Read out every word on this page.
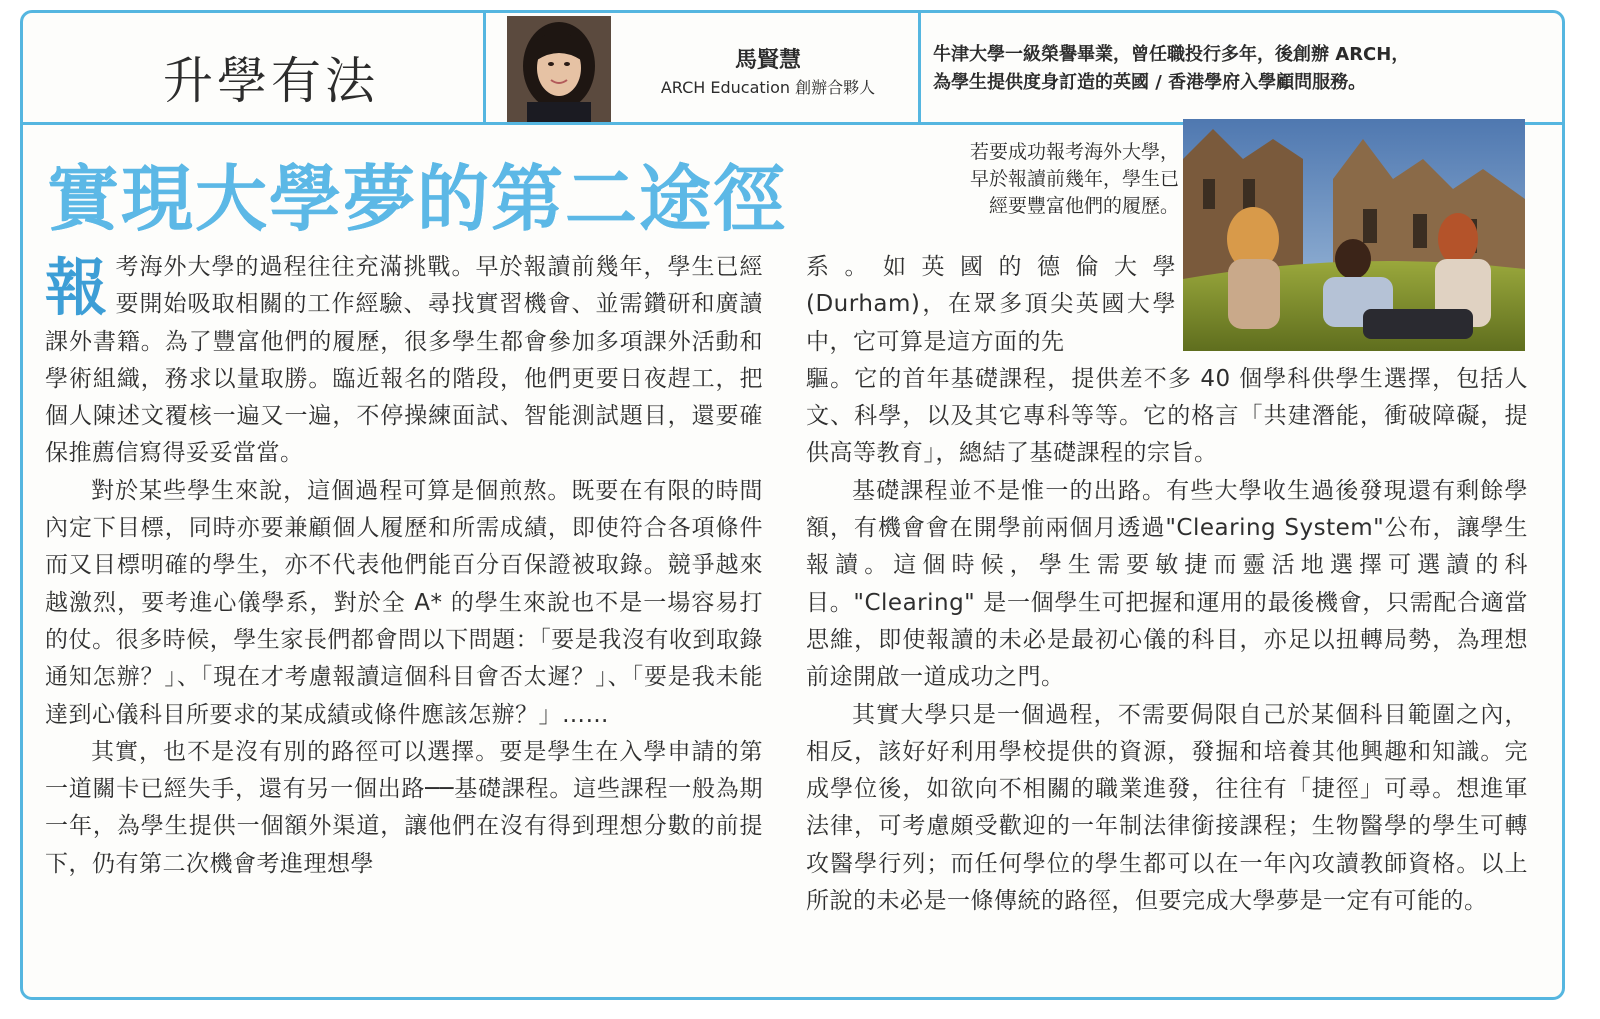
升學有法	馬賢慧
ARCH Education 創辦合夥人
牛津大學一級榮譽畢業，曾任職投行多年，後創辦 ARCH，
為學生提供度身訂造的英國 / 香港學府入學顧問服務。
實現大學夢的第二途徑
若要成功報考海外大學，
早於報讀前幾年，學生已
經要豐富他們的履歷。
報 考海外大學的過程往往充滿挑戰。早於報讀前幾年，學生已經要開始吸取相關的工作經驗、尋找實習機會、並需鑽研和廣讀課外書籍。為了豐富他們的履歷，很多學生都會參加多項課外活動和學術組織，務求以量取勝。臨近報名的階段，他們更要日夜趕工，把個人陳述文覆核一遍又一遍，不停操練面試、智能測試題目，還要確保推薦信寫得妥妥當當。

對於某些學生來說，這個過程可算是個煎熬。既要在有限的時間內定下目標，同時亦要兼顧個人履歷和所需成績，即使符合各項條件而又目標明確的學生，亦不代表他們能百分百保證被取錄。競爭越來越激烈，要考進心儀學系，對於全 A* 的學生來說也不是一場容易打的仗。很多時候，學生家長們都會問以下問題：「要是我沒有收到取錄通知怎辦？」、「現在才考慮報讀這個科目會否太遲？」、「要是我未能達到心儀科目所要求的某成績或條件應該怎辦？」……

其實，也不是沒有別的路徑可以選擇。要是學生在入學申請的第一道關卡已經失手，還有另一個出路──基礎課程。這些課程一般為期一年，為學生提供一個額外渠道，讓他們在沒有得到理想分數的前提下，仍有第二次機會考進理想學

系。如英國的德倫大學(Durham)，在眾多頂尖英國大學中，它可算是這方面的先

驅。它的首年基礎課程，提供差不多 40 個學科供學生選擇，包括人文、科學，以及其它專科等等。它的格言「共建潛能，衝破障礙，提供高等教育」，總結了基礎課程的宗旨。

基礎課程並不是惟一的出路。有些大學收生過後發現還有剩餘學額，有機會會在開學前兩個月透過"Clearing System"公布，讓學生報讀。這個時候，學生需要敏捷而靈活地選擇可選讀的科目。"Clearing" 是一個學生可把握和運用的最後機會，只需配合適當思維，即使報讀的未必是最初心儀的科目，亦足以扭轉局勢，為理想前途開啟一道成功之門。

其實大學只是一個過程，不需要侷限自己於某個科目範圍之內，相反，該好好利用學校提供的資源，發掘和培養其他興趣和知識。完成學位後，如欲向不相關的職業進發，往往有「捷徑」可尋。想進軍法律，可考慮頗受歡迎的一年制法律銜接課程；生物醫學的學生可轉攻醫學行列；而任何學位的學生都可以在一年內攻讀教師資格。以上所說的未必是一條傳統的路徑，但要完成大學夢是一定有可能的。
